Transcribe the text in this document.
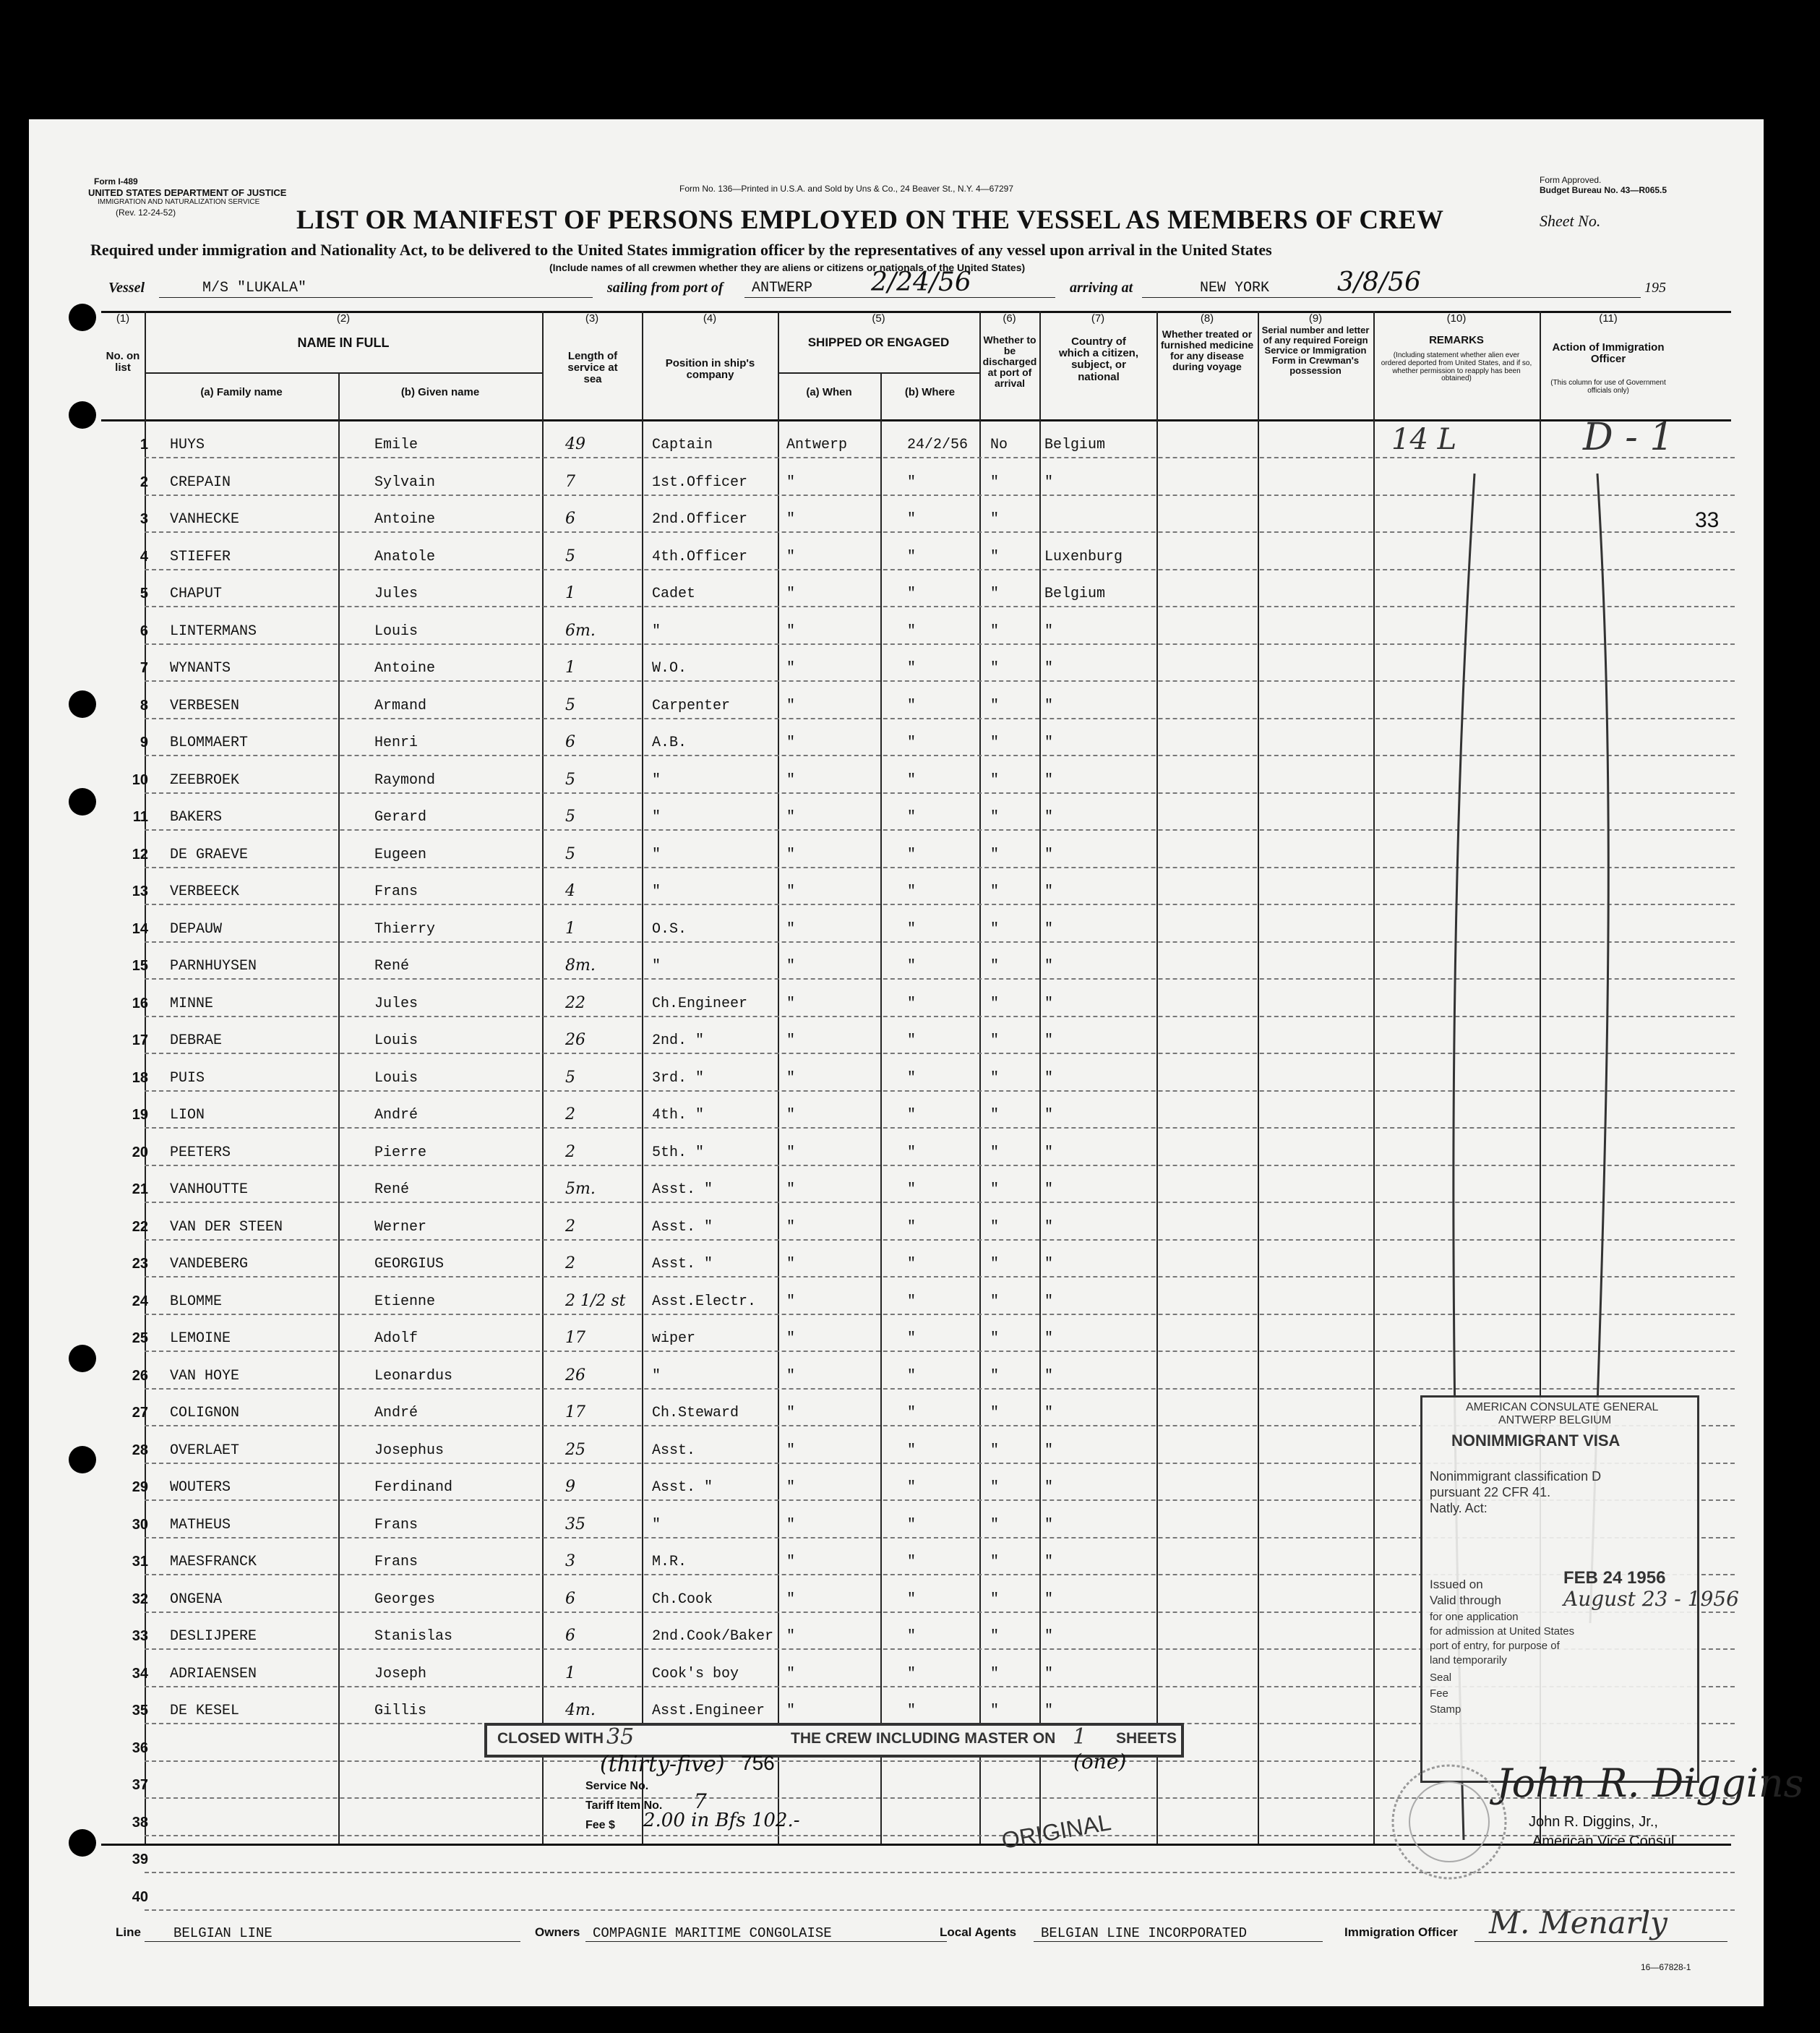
Form I-489
UNITED STATES DEPARTMENT OF JUSTICE
IMMIGRATION AND NATURALIZATION SERVICE
(Rev. 12-24-52)
Form No. 136—Printed in U.S.A. and Sold by Uns & Co., 24 Beaver St., N.Y. 4—67297
Form Approved.
Budget Bureau No. 43—R065.5
LIST OR MANIFEST OF PERSONS EMPLOYED ON THE VESSEL AS MEMBERS OF CREW	Sheet No.
Required under immigration and Nationality Act, to be delivered to the United States immigration officer by the representatives of any vessel upon arrival in the United States
(Include names of all crewmen whether they are aliens or citizens or nationals of the United States)
Vessel	M/S "LUKALA"	sailing from port of ANTWERP 2/24/56	arriving at	NEW YORK	3/8/56	195
(1)
No. on list
(2)
NAME IN FULL
(a) Family name	(b) Given name
(3)
Length of service at sea
(4)
Position in ship's company
(5)
SHIPPED OR ENGAGED
(a) When	(b) Where
(6)
Whether to be discharged at port of arrival
(7)
Country of which a citizen, subject, or national
(8)
Whether treated or furnished medicine for any disease during voyage
(9)
Serial number and letter of any required Foreign Service or Immigration Form in Crewman's possession
(10)
REMARKS
(Including statement whether alien ever ordered deported from United States, and if so, whether permission to reapply has been obtained)
(11)
Action of Immigration Officer
(This column for use of Government officials only)
1 HUYS	Emile	49	Captain	Antwerp	24/2/56 No	Belgium
2 CREPAIN	Sylvain	7	1st.Officer	"	"	"	"
3 VANHECKE	Antoine	6	2nd.Officer	"	"	"
4 STIEFER	Anatole	5	4th.Officer	"	"	"	Luxenburg
5 CHAPUT	Jules	1	Cadet	"	"	"	Belgium
6 LINTERMANS	Louis	6m.	"	"	"	"	"
7 WYNANTS	Antoine	1	W.O.	"	"	"	"
8 VERBESEN	Armand	5	Carpenter	"	"	"	"
9 BLOMMAERT	Henri	6	A.B.	"	"	"	"
10 ZEEBROEK	Raymond	5	"	"	"	"	"
11 BAKERS	Gerard	5	"	"	"	"	"
12 DE GRAEVE	Eugeen	5	"	"	"	"	"
13 VERBEECK	Frans	4	"	"	"	"	"
14 DEPAUW	Thierry	1	O.S.	"	"	"	"
15 PARNHUYSEN	René	8m.	"	"	"	"	"
16 MINNE	Jules	22	Ch.Engineer	"	"	"	"
17 DEBRAE	Louis	26	2nd. "	"	"	"	"
18 PUIS	Louis	5	3rd. "	"	"	"	"
19 LION	André	2	4th. "	"	"	"	"
20 PEETERS	Pierre	2	5th. "	"	"	"	"
21 VANHOUTTE	René	5m.	Asst. "	"	"	"	"
22 VAN DER STEEN	Werner	2	Asst. "	"	"	"	"
23 VANDEBERG	GEORGIUS	2	Asst. "	"	"	"	"
24 BLOMME	Etienne	2 1/2 st Asst.Electr. "	"	"	"
25 LEMOINE	Adolf	17	wiper	"	"	"	"
26 VAN HOYE	Leonardus	26	"	"	"	"	"
27 COLIGNON	André	17	Ch.Steward	"	"	"	"
28 OVERLAET	Josephus	25	Asst.	"	"	"	"
29 WOUTERS	Ferdinand	9	Asst. "	"	"	"	"
30 MATHEUS	Frans	35	"	"	"	"	"
31 MAESFRANCK	Frans	3	M.R.	"	"	"	"
32 ONGENA	Georges	6	Ch.Cook	"	"	"	"
33 DESLIJPERE	Stanislas	6	2nd.Cook/Baker "	"	"	"
34 ADRIAENSEN	Joseph	1	Cook's boy	"	"	"	"
35 DE KESEL	Gillis	4m.	Asst.Engineer "	"	"	"
36
37
38
39
40
14 L	D - 1
33
CLOSED WITH 35	THE CREW INCLUDING MASTER ON 1 SHEETS
(thirty-five) 756	(one)
Service No.
Tariff Item No. 7
Fee $ 2.00 in Bfs 102.-	ORIGINAL
AMERICAN CONSULATE GENERAL
ANTWERP BELGIUM
NONIMMIGRANT VISA
Nonimmigrant classification D
pursuant 22 CFR 41.
Natly. Act:
Issued on	FEB 24 1956
Valid through	August 23 - 1956
for one application
for admission at United States
port of entry, for purpose of
land temporarily
Seal
Fee
Stamp
John R. Diggins
John R. Diggins, Jr.,
American Vice Consul
Line BELGIAN LINE	Owners COMPAGNIE MARITIME CONGOLAISE	Local Agents BELGIAN LINE INCORPORATED	Immigration Officer M. Menarly
16—67828-1
